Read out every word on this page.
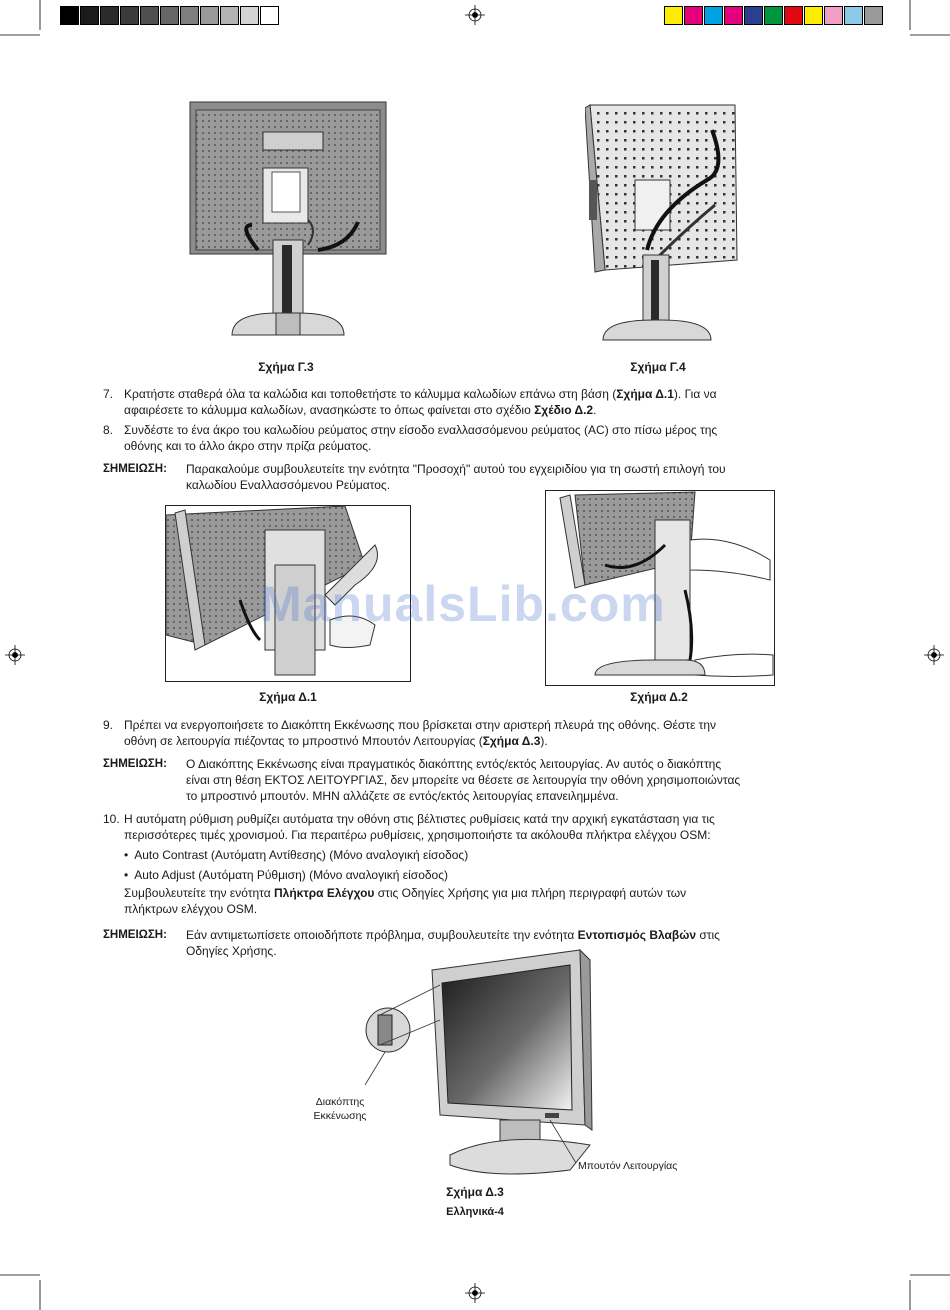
Σχήμα Γ.3	Σχήμα Γ.4
7. Κρατήστε σταθερά όλα τα καλώδια και τοποθετήστε το κάλυμμα καλωδίων επάνω στη βάση (Σχήμα Δ.1). Για να
αφαιρέσετε το κάλυμμα καλωδίων, ανασηκώστε το όπως φαίνεται στο σχέδιο Σχέδιο Δ.2.
8. Συνδέστε το ένα άκρο του καλωδίου ρεύματος στην είσοδο εναλλασσόμενου ρεύματος (AC) στο πίσω μέρος της
οθόνης και το άλλο άκρο στην πρίζα ρεύματος.
ΣΗΜΕΙΩΣΗ: Παρακαλούμε συμβουλευτείτε την ενότητα "Προσοχή" αυτού του εγχειριδίου για τη σωστή επιλογή του
καλωδίου Εναλλασσόμενου Ρεύματος.
ManualsLib.com
Σχήμα Δ.1	Σχήμα Δ.2
9. Πρέπει να ενεργοποιήσετε το Διακόπτη Εκκένωσης που βρίσκεται στην αριστερή πλευρά της οθόνης. Θέστε την
οθόνη σε λειτουργία πιέζοντας το μπροστινό Μπουτόν Λειτουργίας (Σχήμα Δ.3).
ΣΗΜΕΙΩΣΗ: Ο Διακόπτης Εκκένωσης είναι πραγματικός διακόπτης εντός/εκτός λειτουργίας. Αν αυτός ο διακόπτης
είναι στη θέση ΕΚΤΟΣ ΛΕΙΤΟΥΡΓΙΑΣ, δεν μπορείτε να θέσετε σε λειτουργία την οθόνη χρησιμοποιώντας
το μπροστινό μπουτόν. ΜΗΝ αλλάζετε σε εντός/εκτός λειτουργίας επανειλημμένα.
10. Η αυτόματη ρύθμιση ρυθμίζει αυτόματα την οθόνη στις βέλτιστες ρυθμίσεις κατά την αρχική εγκατάσταση για τις
περισσότερες τιμές χρονισμού. Για περαιτέρω ρυθμίσεις, χρησιμοποιήστε τα ακόλουθα πλήκτρα ελέγχου OSM:
•  Auto Contrast (Αυτόματη Αντίθεσης) (Μόνο αναλογική είσοδος)
•  Auto Adjust (Αυτόματη Ρύθμιση) (Μόνο αναλογική είσοδος)
Συμβουλευτείτε την ενότητα Πλήκτρα Ελέγχου στις Οδηγίες Χρήσης για μια πλήρη περιγραφή αυτών των
πλήκτρων ελέγχου OSM.
ΣΗΜΕΙΩΣΗ: Εάν αντιμετωπίσετε οποιοδήποτε πρόβλημα, συμβουλευτείτε την ενότητα Εντοπισμός Βλαβών στις
Οδηγίες Χρήσης.
Διακόπτης
Εκκένωσης
Μπουτόν Λειτουργίας
Σχήμα Δ.3
Ελληνικά-4
